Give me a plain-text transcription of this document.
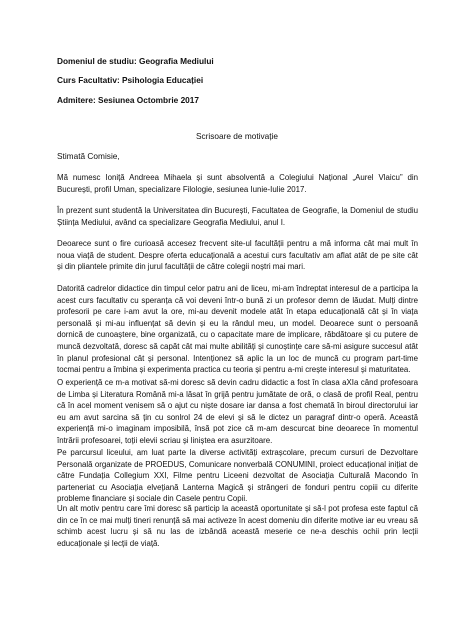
Domeniul de studiu: Geografia Mediului
Curs Facultativ: Psihologia Educației
Admitere: Sesiunea Octombrie 2017
Scrisoare de motivație
Stimată Comisie,

Mă numesc Ioniță Andreea Mihaela și sunt absolventă a Colegiului Național „Aurel Vlaicu” din București, profil Uman, specializare Filologie, sesiunea Iunie-Iulie 2017.

În prezent sunt studentă la Universitatea din București, Facultatea de Geografie, la Domeniul de studiu Știința Mediului, având ca specializare Geografia Mediului, anul I.

Deoarece sunt o fire curioasă accesez frecvent site-ul facultății pentru a mă informa cât mai mult în noua viață de student. Despre oferta educațională a acestui curs facultativ am aflat atât de pe site cât și din pliantele primite din jurul facultății de către colegii noștri mai mari.

Datorită cadrelor didactice din timpul celor patru ani de liceu, mi-am îndreptat interesul de a participa la acest curs facultativ cu speranța că voi deveni într-o bună zi un profesor demn de lăudat. Mulți dintre profesorii pe care i-am avut la ore, mi-au devenit modele atât în etapa educațională cât și în viața personală și mi-au influențat să devin și eu la rândul meu, un model. Deoarece sunt o persoană dornică de cunoaștere, bine organizată, cu o capacitate mare de implicare, răbdătoare și cu putere de muncă dezvoltată, doresc să capăt cât mai multe abilități și cunoștințe care să-mi asigure succesul atât în planul profesional cât și personal. Intenționez să aplic la un loc de muncă cu program part-time tocmai pentru a îmbina și experimenta practica cu teoria și pentru a-mi crește interesul și maturitatea.

O experiență ce m-a motivat să-mi doresc să devin cadru didactic a fost în clasa aXIa când profesoara de Limba și Literatura Română mi-a lăsat în grijă pentru jumătate de oră, o clasă de profil Real, pentru că în acel moment venisem să o ajut cu niște dosare iar dansa a fost chemată în biroul directorului iar eu am avut sarcina să țin cu sonlrol 24 de elevi și să le dictez un paragraf dintr-o operă. Această experiență mi-o imaginam imposibilă, însă pot zice că m-am descurcat bine deoarece în momentul întrării profesoarei, toții elevii scriau și liniștea era asurzitoare.

Pe parcursul liceului, am luat parte la diverse activități extrașcolare, precum cursuri de Dezvoltare Personală organizate de PROEDUS, Comunicare nonverbală CONUMINI, proiect educațional inițiat de către Fundația Collegium XXI, Filme pentru Liceeni dezvoltat de Asociația Culturală Macondo în parteneriat cu Asociația elvețiană Lanterna Magică și strângeri de fonduri pentru copiii cu diferite probleme financiare și sociale din Casele pentru Copii.

Un alt motiv pentru care îmi doresc să particip la această oportunitate și să-l pot profesa este faptul că din ce în ce mai mulți tineri renunță să mai activeze în acest domeniu din diferite motive iar eu vreau să schimb acest lucru și să nu las de izbândă această meserie ce ne-a deschis ochii prin lecții educaționale și lecții de viață.
